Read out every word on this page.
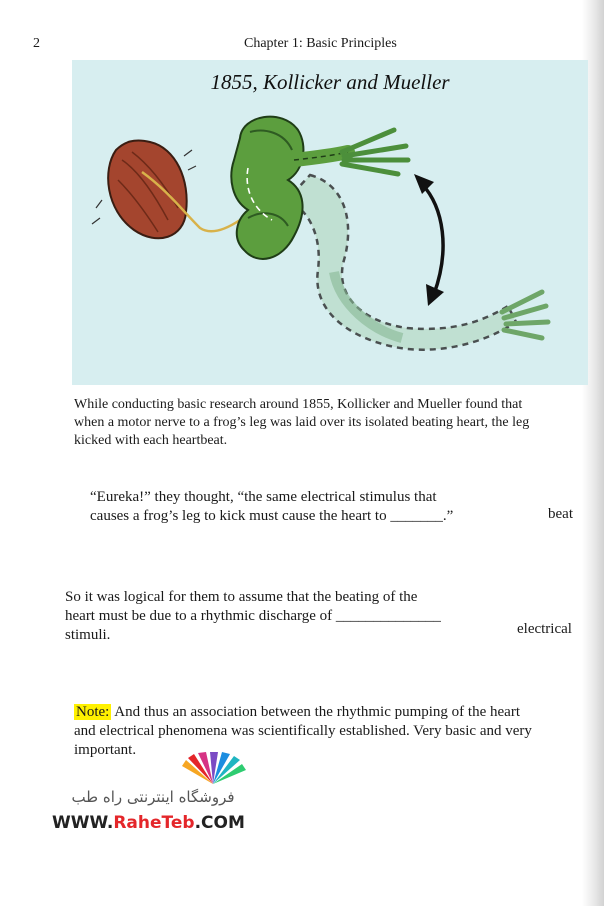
2	Chapter 1: Basic Principles
1855, Kollicker and Mueller
While conducting basic research around 1855, Kollicker and Mueller found that when a motor nerve to a frog’s leg was laid over its isolated beating heart, the leg kicked with each heartbeat.
“Eureka!” they thought, “the same electrical stimulus that causes a frog’s leg to kick must cause the heart to _______.”	beat
So it was logical for them to assume that the beating of the heart must be due to a rhythmic discharge of ______________ stimuli.	electrical
Note: And thus an association between the rhythmic pumping of the heart and electrical phenomena was scientifically established. Very basic and very important.
فروشگاه اینترنتی راه طب
WWW.RaheTeb.COM
